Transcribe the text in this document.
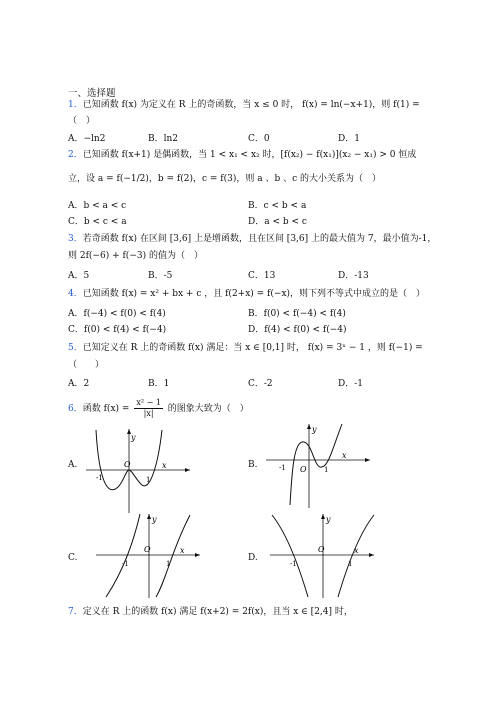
一、选择题
1．已知函数 f(x) 为定义在 R 上的奇函数，当 x ≤ 0 时， f(x) = ln(−x+1)，则 f(1) =
（　）
A．−ln2	B．ln2	C．0	D．1
2．已知函数 f(x+1) 是偶函数，当 1 < x₁ < x₂ 时，[f(x₂) − f(x₁)](x₂ − x₁) > 0 恒成
立，设 a = f(−1/2)，b = f(2)，c = f(3)，则 a 、b 、c 的大小关系为（　）
A．b < a < c	B．c < b < a
C．b < c < a	D．a < b < c
3．若奇函数 f(x) 在区间 [3,6] 上是增函数，且在区间 [3,6] 上的最大值为 7，最小值为-1，
则 2f(−6) + f(−3) 的值为（　）
A．5	B．-5	C．13	D．-13
4．已知函数 f(x) = x² + bx + c ，且 f(2+x) = f(−x)，则下列不等式中成立的是（　）
A．f(−4) < f(0) < f(4)	B．f(0) < f(−4) < f(4)
C．f(0) < f(4) < f(−4)	D．f(4) < f(0) < f(−4)
5．已知定义在 R 上的奇函数 f(x) 满足：当 x ∈ [0,1] 时， f(x) = 3ˣ − 1 ，则 f(−1) =
（　　）
A．2	B．1	C．-2	D．-1
6．函数 $f(x) = \frac{\text{x² − 1}}{|x|}$ 的图象大致为（　）
A.
y
x
O
-1	1
B.
y
x
O
-1	1
C.
y
x
O
-1	1
D.
y
x
O
-1	1
7．定义在 R 上的函数 f(x) 满足 f(x+2) = 2f(x)，且当 x ∈ [2,4] 时，
